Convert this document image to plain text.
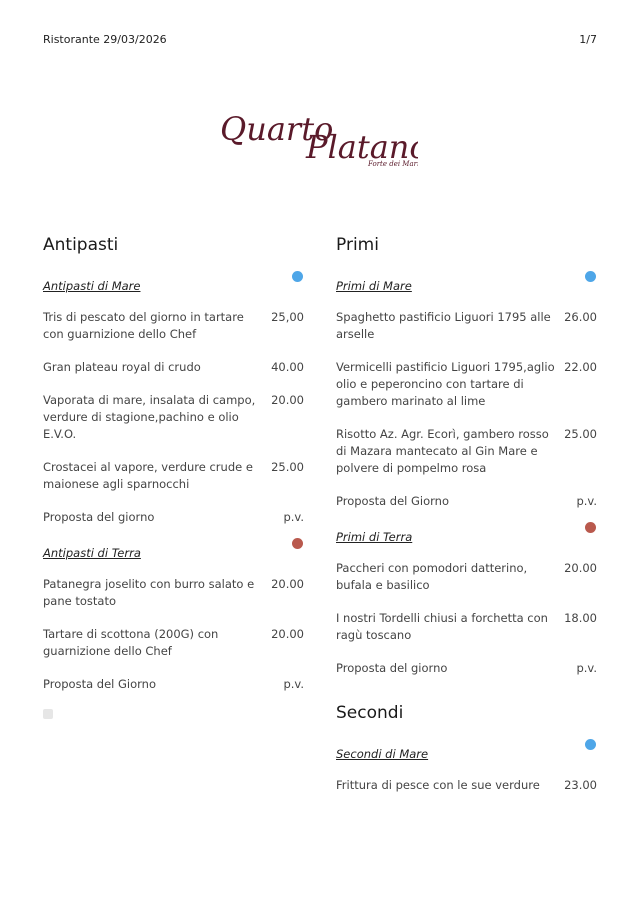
Ristorante 29/03/2026	1/7
Quarto
Platano
Forte dei Mar
Antipasti
Antipasti di Mare
Tris di pescato del giorno in tartare con guarnizione dello Chef
25,00
Gran plateau royal di crudo	40.00
Vaporata di mare, insalata di campo, verdure di stagione,pachino e olio E.V.O.
20.00
Crostacei al vapore, verdure crude e maionese agli sparnocchi
25.00
Proposta del giorno	p.v.
Antipasti di Terra
Patanegra joselito con burro salato e pane tostato
20.00
Tartare di scottona (200G) con guarnizione dello Chef
20.00
Proposta del Giorno	p.v.
Primi
Primi di Mare
Spaghetto pastificio Liguori 1795 alle arselle
26.00
Vermicelli pastificio Liguori 1795,aglio olio e peperoncino con tartare di gambero marinato al lime
22.00
Risotto Az. Agr. Ecorì, gambero rosso di Mazara mantecato al Gin Mare e polvere di pompelmo rosa
25.00
Proposta del Giorno	p.v.
Primi di Terra
Paccheri con pomodori datterino, bufala e basilico
20.00
I nostri Tordelli chiusi a forchetta con ragù toscano
18.00
Proposta del giorno	p.v.
Secondi
Secondi di Mare
Frittura di pesce con le sue verdure	23.00
